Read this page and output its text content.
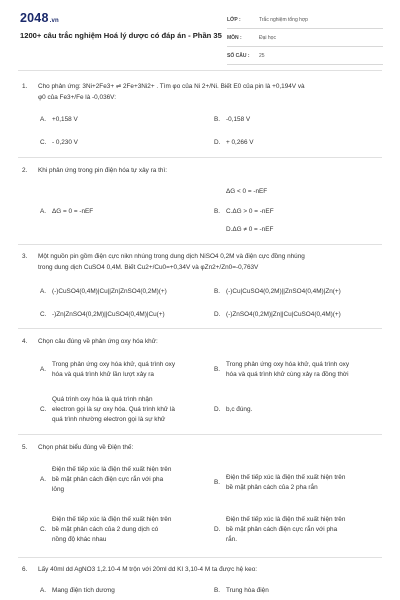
2048.vn
1200+ câu trắc nghiệm Hoá lý dược có đáp án - Phần 35
LỚP :	Trắc nghiệm tổng hợp
MÔN :	Đại học
SỐ CÂU : 25
1. Cho phản ứng: 3Ni+2Fe3+ ⇌ 2Fe+3Ni2+ . Tìm φo của Ni 2+/Ni. Biết E0 của pin là +0,194V và
φ0 của Fe3+/Fe là -0,036V:
A. +0,158 V	B. -0,158 V
C. - 0,230 V	D. + 0,266 V
2. Khi phản ứng trong pin điện hóa tự xảy ra thì:
ΔG < 0 = -nEF
A. ΔG = 0 = -nEF	B. C.ΔG > 0 = -nEF
D.ΔG ≠ 0 = -nEF
3. Một nguồn pin gồm điện cực nikn nhúng trong dung dịch NiSO4 0,2M và điện cực đồng nhúng
trong dung dịch CuSO4 0,4M. Biết Cu2+/Cu0=+0,34V và φZn2+/Zn0=-0,763V
A. (-)CuSO4(0,4M)|Cu||Zn|ZnSO4(0,2M)(+)	B. (-)Cu|CuSO4(0,2M)||ZnSO4(0,4M)|Zn(+)
C. -)Zn|ZnSO4(0,2M)||CuSO4(0,4M)|Cu(+)	D. (-)ZnSO4(0,2M)|Zn||Cu|CuSO4(0,4M)(+)
4. Chọn câu đúng về phản ứng oxy hóa khử:
A.
Trong phản ứng oxy hóa khử, quá trình oxy
hóa và quá trình khử lần lượt xảy ra
B.
Trong phản ứng oxy hóa khử, quá trình oxy
hóa và quá trình khử cùng xảy ra đồng thời
C.
Quá trình oxy hóa là quá trình nhận
electron gọi là sự oxy hóa. Quá trình khử là
quá trình nhường electron gọi là sự khử
D. b,c đúng.
5. Chọn phát biểu đúng về Điện thế:
A.
Điện thế tiếp xúc là điện thế xuất hiện trên
bề mặt phân cách điện cực rắn với pha
lỏng
B.
Điện thế tiếp xúc là điện thế xuất hiện trên
bề mặt phân cách của 2 pha rắn
C.
Điện thế tiếp xúc là điện thế xuất hiện trên
bề mặt phân cách của 2 dung dịch có
nồng độ khác nhau
D.
Điện thế tiếp xúc là điện thế xuất hiện trên
bề mặt phân cách điện cực rắn với pha
rắn.
6. Lấy 40ml dd AgNO3 1,2.10-4 M trộn với 20ml dd KI 3,10-4 M ta được hệ keo:
A. Mang điện tích dương	B. Trung hòa điện
